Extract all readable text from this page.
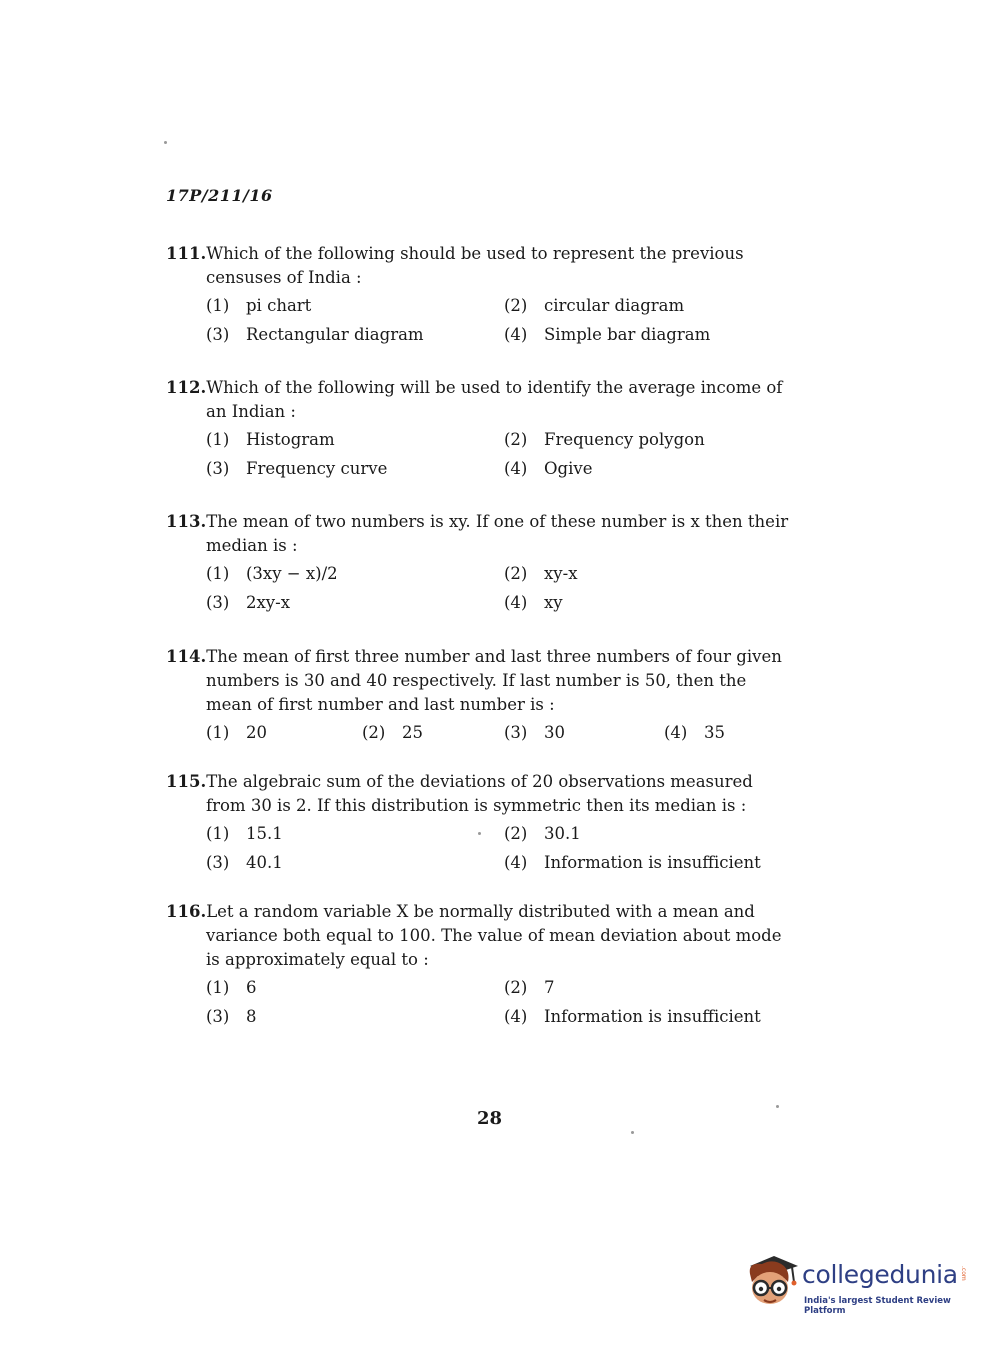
17P/211/16
111.Which of the following should be used to represent the previous censuses of India :
(1)	pi chart	(2)	circular diagram
(3)	Rectangular diagram	(4)	Simple bar diagram
112.Which of the following will be used to identify the average income of an Indian :
(1)	Histogram	(2)	Frequency polygon
(3)	Frequency curve	(4)	Ogive
113.The mean of two numbers is xy. If one of these number is x then their median is :
(1)	(3xy − x)/2	(2)	xy-x
(3)	2xy-x	(4)	xy
114.The mean of first three number and last three numbers of four given numbers is 30 and 40 respectively. If last number is 50, then the mean of first number and last number is :
(1)	20	(2)	25	(3)	30	(4)	35
115.The algebraic sum of the deviations of 20 observations measured from 30 is 2. If this distribution is symmetric then its median is :
(1)	15.1	(2)	30.1
(3)	40.1	(4)	Information is insufficient
116.Let a random variable X be normally distributed with a mean and variance both equal to 100. The value of mean deviation about mode is approximately equal to :
(1)	6	(2)	7
(3)	8	(4)	Information is insufficient
28
collegedunia .com
India's largest Student Review Platform
